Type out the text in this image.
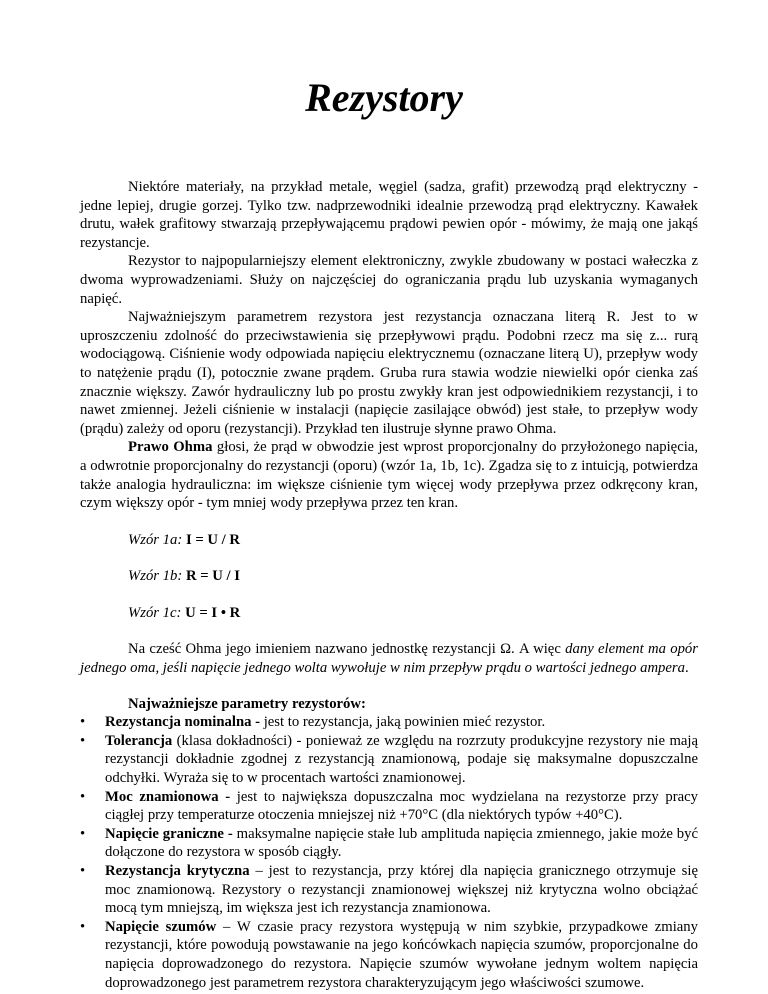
Rezystory

Niektóre materiały, na przykład metale, węgiel (sadza, grafit) przewodzą prąd elektryczny - jedne lepiej, drugie gorzej. Tylko tzw. nadprzewodniki idealnie przewodzą prąd elektryczny. Kawałek drutu, wałek grafitowy stwarzają przepływającemu prądowi pewien opór - mówimy, że mają one jakąś rezystancje.

Rezystor to najpopularniejszy element elektroniczny, zwykle zbudowany w postaci wałeczka z dwoma wyprowadzeniami. Służy on najczęściej do ograniczania prądu lub uzyskania wymaganych napięć.

Najważniejszym parametrem rezystora jest rezystancja oznaczana literą R. Jest to w uproszczeniu zdolność do przeciwstawienia się przepływowi prądu. Podobni rzecz ma się z... rurą wodociągową. Ciśnienie wody odpowiada napięciu elektrycznemu (oznaczane literą U), przepływ wody to natężenie prądu (I), potocznie zwane prądem. Gruba rura stawia wodzie niewielki opór cienka zaś znacznie większy. Zawór hydrauliczny lub po prostu zwykły kran jest odpowiednikiem rezystancji, i to nawet zmiennej. Jeżeli ciśnienie w instalacji (napięcie zasilające obwód) jest stałe, to przepływ wody (prądu) zależy od oporu (rezystancji). Przykład ten ilustruje słynne prawo Ohma.

Prawo Ohma głosi, że prąd w obwodzie jest wprost proporcjonalny do przyłożonego napięcia, a odwrotnie proporcjonalny do rezystancji (oporu) (wzór 1a, 1b, 1c). Zgadza się to z intuicją, potwierdza także analogia hydrauliczna: im większe ciśnienie tym więcej wody przepływa przez odkręcony kran, czym większy opór - tym mniej wody przepływa przez ten kran.

Wzór 1a: I = U / R

Wzór 1b: R = U / I

Wzór 1c: U = I • R

Na cześć Ohma jego imieniem nazwano jednostkę rezystancji Ω. A więc dany element ma opór jednego oma, jeśli napięcie jednego wolta wywołuje w nim przepływ prądu o wartości jednego ampera.

Najważniejsze parametry rezystorów:

• Rezystancja nominalna - jest to rezystancja, jaką powinien mieć rezystor.
• Tolerancja (klasa dokładności) - ponieważ ze względu na rozrzuty produkcyjne rezystory nie mają rezystancji dokładnie zgodnej z rezystancją znamionową, podaje się maksymalne dopuszczalne odchyłki. Wyraża się to w procentach wartości znamionowej.
• Moc znamionowa - jest to największa dopuszczalna moc wydzielana na rezystorze przy pracy ciągłej przy temperaturze otoczenia mniejszej niż +70°C (dla niektórych typów +40°C).
• Napięcie graniczne - maksymalne napięcie stałe lub amplituda napięcia zmiennego, jakie może być dołączone do rezystora w sposób ciągły.
• Rezystancja krytyczna – jest to rezystancja, przy której dla napięcia granicznego otrzymuje się moc znamionową. Rezystory o rezystancji znamionowej większej niż krytyczna wolno obciążać mocą tym mniejszą, im większa jest ich rezystancja znamionowa.
• Napięcie szumów – W czasie pracy rezystora występują w nim szybkie, przypadkowe zmiany rezystancji, które powodują powstawanie na jego końcówkach napięcia szumów, proporcjonalne do napięcia doprowadzonego do rezystora. Napięcie szumów wywołane jednym woltem napięcia doprowadzonego jest parametrem rezystora charakteryzującym jego właściwości szumowe.
